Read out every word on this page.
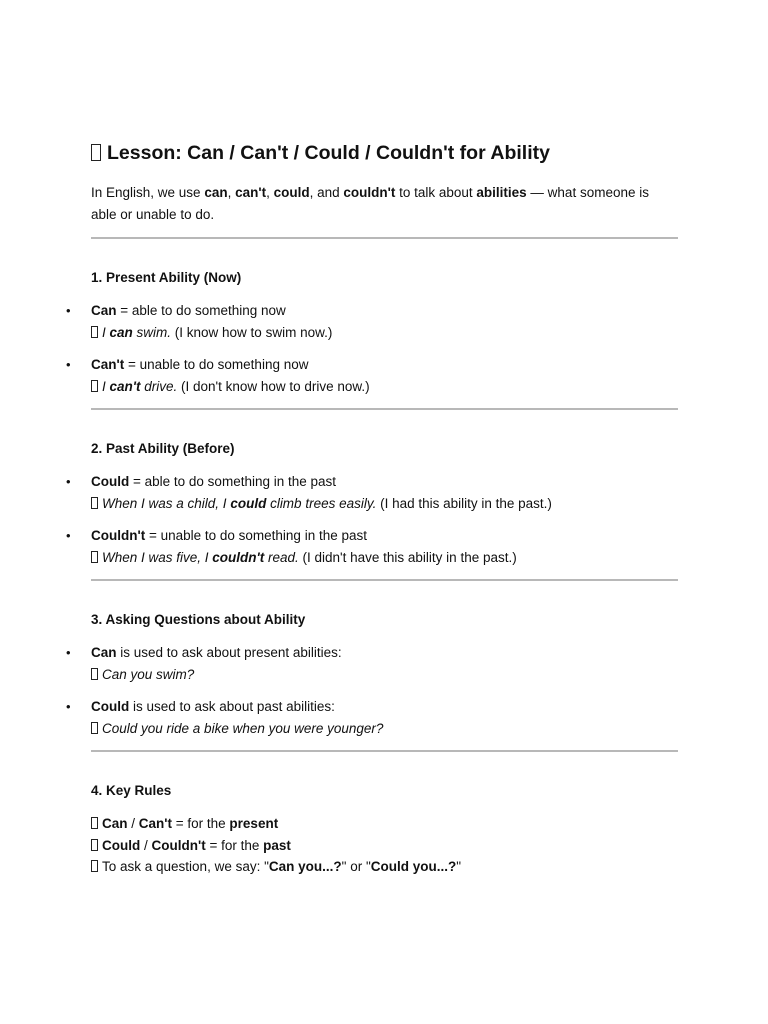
Lesson: Can / Can't / Could / Couldn't for Ability

In English, we use can, can't, could, and couldn't to talk about abilities — what someone is able or unable to do.

1. Present Ability (Now)
• Can = able to do something now
I can swim. (I know how to swim now.)
• Can't = unable to do something now
I can't drive. (I don't know how to drive now.)
2. Past Ability (Before)
• Could = able to do something in the past
When I was a child, I could climb trees easily. (I had this ability in the past.)
• Couldn't = unable to do something in the past
When I was five, I couldn't read. (I didn't have this ability in the past.)
3. Asking Questions about Ability
• Can is used to ask about present abilities:
Can you swim?
• Could is used to ask about past abilities:
Could you ride a bike when you were younger?
4. Key Rules
Can / Can't = for the present
Could / Couldn't = for the past
To ask a question, we say: "Can you...?" or "Could you...?"
